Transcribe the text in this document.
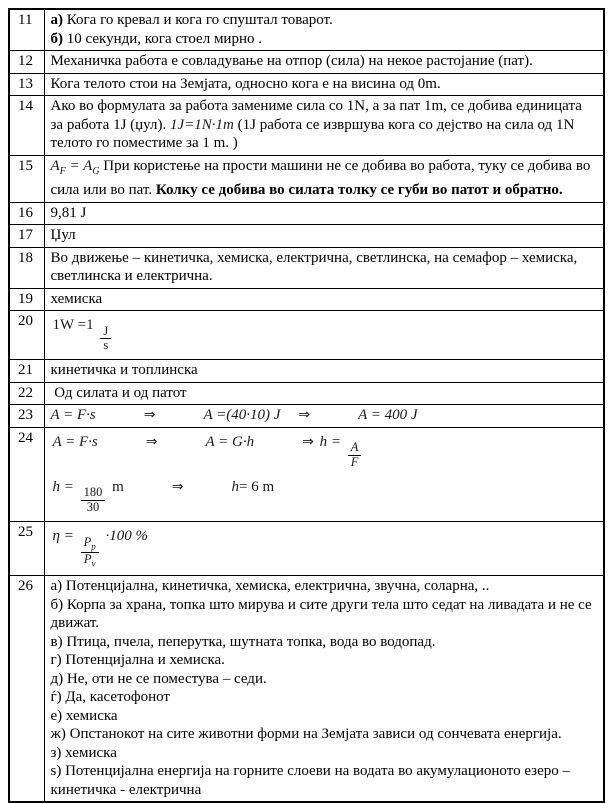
11	а) Кога го кревал и кога го спуштал товарот.
б) 10 секунди, кога стоел мирно .

12	Механичка работа е совладување на отпор (сила) на некое растојание (пат).

13	Кога телото стои на Земјата, односно кога е на висина од 0m.

14	Ако во формулата за работа замениме сила со 1N, а за пат 1m, се добива единицата за работа 1Ј (џул). 1J=1N·1m (1Ј работа се извршува кога со дејство на сила од 1N телото го поместиме за 1 m. )

15	$A_F = A_G$ При користење на прости машини не се добива во работа, туку се добива во сила или во пат. Колку се добива во силата толку се губи во патот и обратно.

16	9,81 J

17	Џул

18	Во движење – кинетичка, хемиска, електрична, светлинска, на семафор – хемиска, светлинска и електрична.

19	хемиска

20	$1W =1 \frac{J}{s}$

21	кинетичка и топлинска

22	Од силата и од патот

23	A = F·s ⇒ A =(40·10) J ⇒ A = 400 J

24	A = F·s	⇒	A = G·h	⇒ $h = \frac{A}{F}$
$h = \frac{180}{30}$ m	⇒	h= 6 m

25	$\eta = \frac{P_p}{P_v} \cdot 100$ %

26	а) Потенцијална, кинетичка, хемиска, електрична, звучна, соларна, ..
б) Корпа за храна, топка што мирува и сите други тела што седат на ливадата и не се движат.
в) Птица, пчела, пеперутка, шутната топка, вода во водопад.
г) Потенцијална и хемиска.
д) Не, оти не се поместува – седи.
ѓ) Да, касетофонот
е) хемиска
ж) Опстанокот на сите животни форми на Земјата зависи од сончевата енергија.
з) хемиска
ѕ) Потенцијална енергија на горните слоеви на водата во акумулационото езеро – кинетичка - електрична
